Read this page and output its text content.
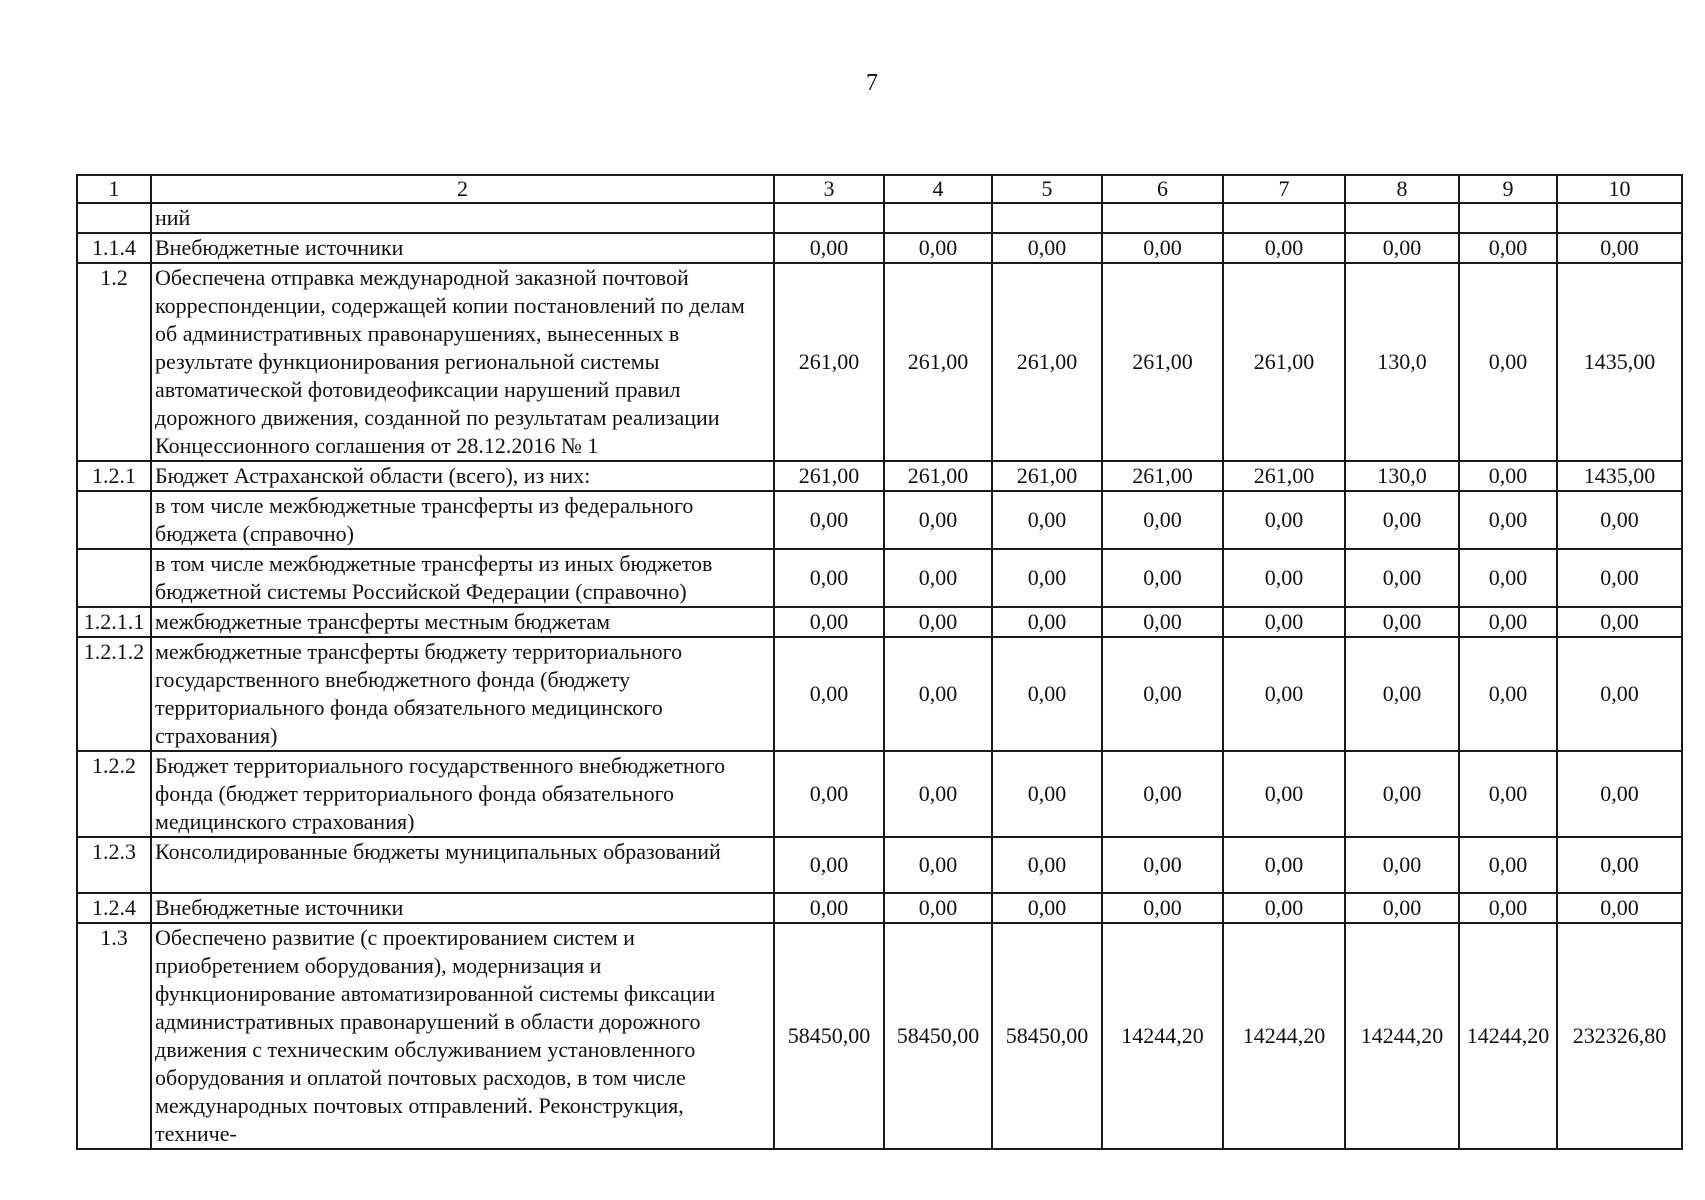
7
1	2	3	4	5	6	7	8	9	10
	ний								
1.1.4	Внебюджетные источники	0,00	0,00	0,00	0,00	0,00	0,00	0,00	0,00
1.2	Обеспечена отправка международной заказной почтовой корреспонденции, содержащей копии постановлений по делам об административных правонарушениях, вынесенных в результате функционирования региональной системы автоматической фотовидеофиксации нарушений правил дорожного движения, созданной по результатам реализации Концессионного соглашения от 28.12.2016 № 1	261,00	261,00	261,00	261,00	261,00	130,0	0,00	1435,00
1.2.1	Бюджет Астраханской области (всего), из них:	261,00	261,00	261,00	261,00	261,00	130,0	0,00	1435,00
	в том числе межбюджетные трансферты из федерального бюджета (справочно)	0,00	0,00	0,00	0,00	0,00	0,00	0,00	0,00
	в том числе межбюджетные трансферты из иных бюджетов бюджетной системы Российской Федерации (справочно)	0,00	0,00	0,00	0,00	0,00	0,00	0,00	0,00
1.2.1.1	межбюджетные трансферты местным бюджетам	0,00	0,00	0,00	0,00	0,00	0,00	0,00	0,00
1.2.1.2	межбюджетные трансферты бюджету территориального государственного внебюджетного фонда (бюджету территориального фонда обязательного медицинского страхования)	0,00	0,00	0,00	0,00	0,00	0,00	0,00	0,00
1.2.2	Бюджет территориального государственного внебюджетного фонда (бюджет территориального фонда обязательного медицинского страхования)	0,00	0,00	0,00	0,00	0,00	0,00	0,00	0,00
1.2.3	Консолидированные бюджеты муниципальных образований	0,00	0,00	0,00	0,00	0,00	0,00	0,00	0,00
1.2.4	Внебюджетные источники	0,00	0,00	0,00	0,00	0,00	0,00	0,00	0,00
1.3	Обеспечено развитие (с проектированием систем и приобретением оборудования), модернизация и функционирование автоматизированной системы фиксации административных правонарушений в области дорожного движения с техническим обслуживанием установленного оборудования и оплатой почтовых расходов, в том числе международных почтовых отправлений. Реконструкция, техниче-	58450,00	58450,00	58450,00	14244,20	14244,20	14244,20	14244,20	232326,80
